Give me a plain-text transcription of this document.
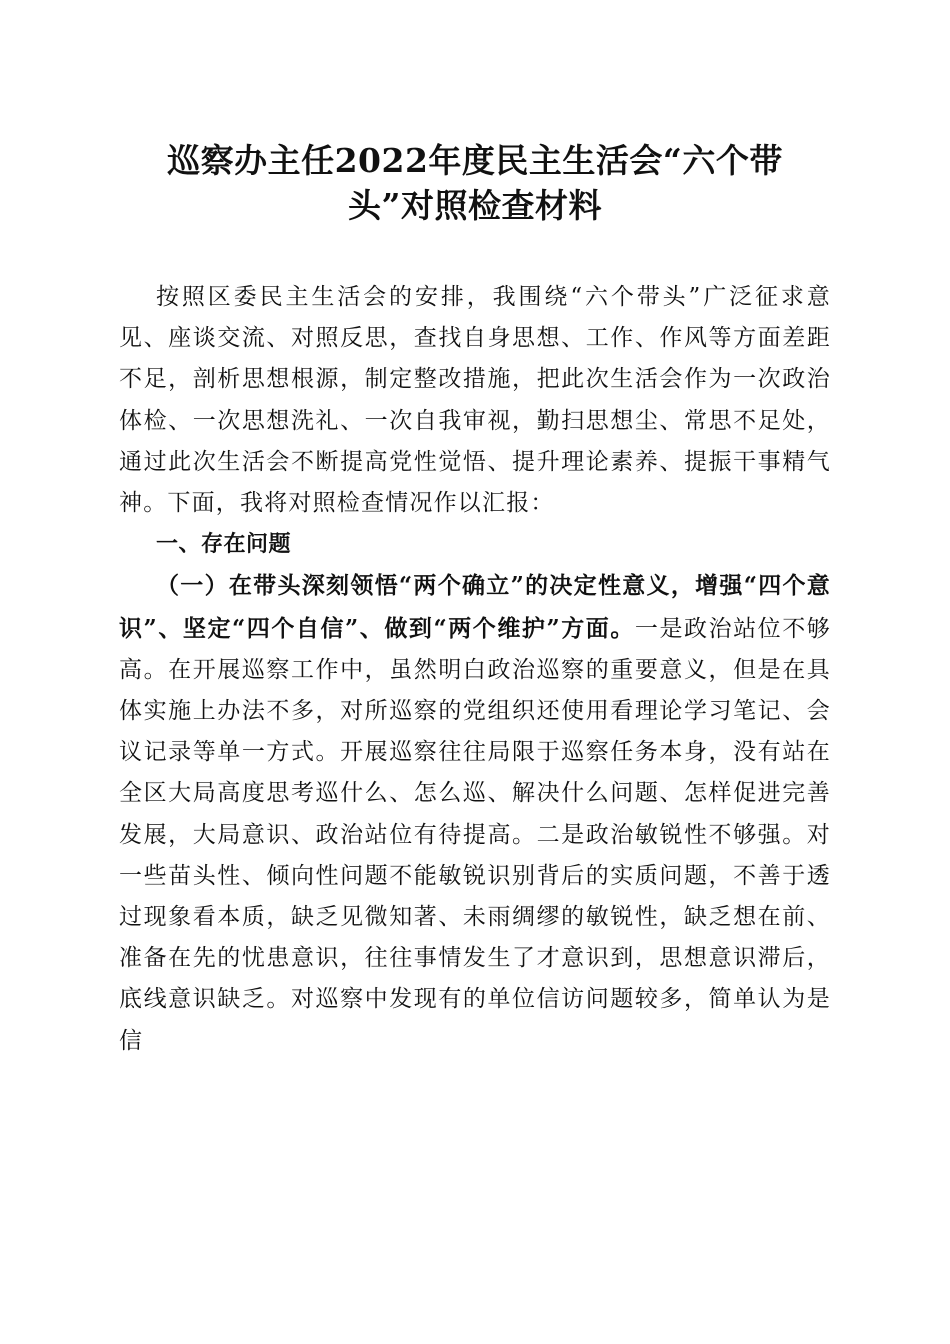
巡察办主任2022年度民主生活会“六个带
头”对照检查材料

按照区委民主生活会的安排，我围绕“六个带头”广泛征求意见、座谈交流、对照反思，查找自身思想、工作、作风等方面差距不足，剖析思想根源，制定整改措施，把此次生活会作为一次政治体检、一次思想洗礼、一次自我审视，勤扫思想尘、常思不足处，通过此次生活会不断提高党性觉悟、提升理论素养、提振干事精气神。下面，我将对照检查情况作以汇报：

一、存在问题

（一）在带头深刻领悟“两个确立”的决定性意义，增强“四个意识”、坚定“四个自信”、做到“两个维护”方面。一是政治站位不够高。在开展巡察工作中，虽然明白政治巡察的重要意义，但是在具体实施上办法不多，对所巡察的党组织还使用看理论学习笔记、会议记录等单一方式。开展巡察往往局限于巡察任务本身，没有站在全区大局高度思考巡什么、怎么巡、解决什么问题、怎样促进完善发展，大局意识、政治站位有待提高。二是政治敏锐性不够强。对一些苗头性、倾向性问题不能敏锐识别背后的实质问题，不善于透过现象看本质，缺乏见微知著、未雨绸缪的敏锐性，缺乏想在前、准备在先的忧患意识，往往事情发生了才意识到，思想意识滞后，底线意识缺乏。对巡察中发现有的单位信访问题较多，简单认为是信
